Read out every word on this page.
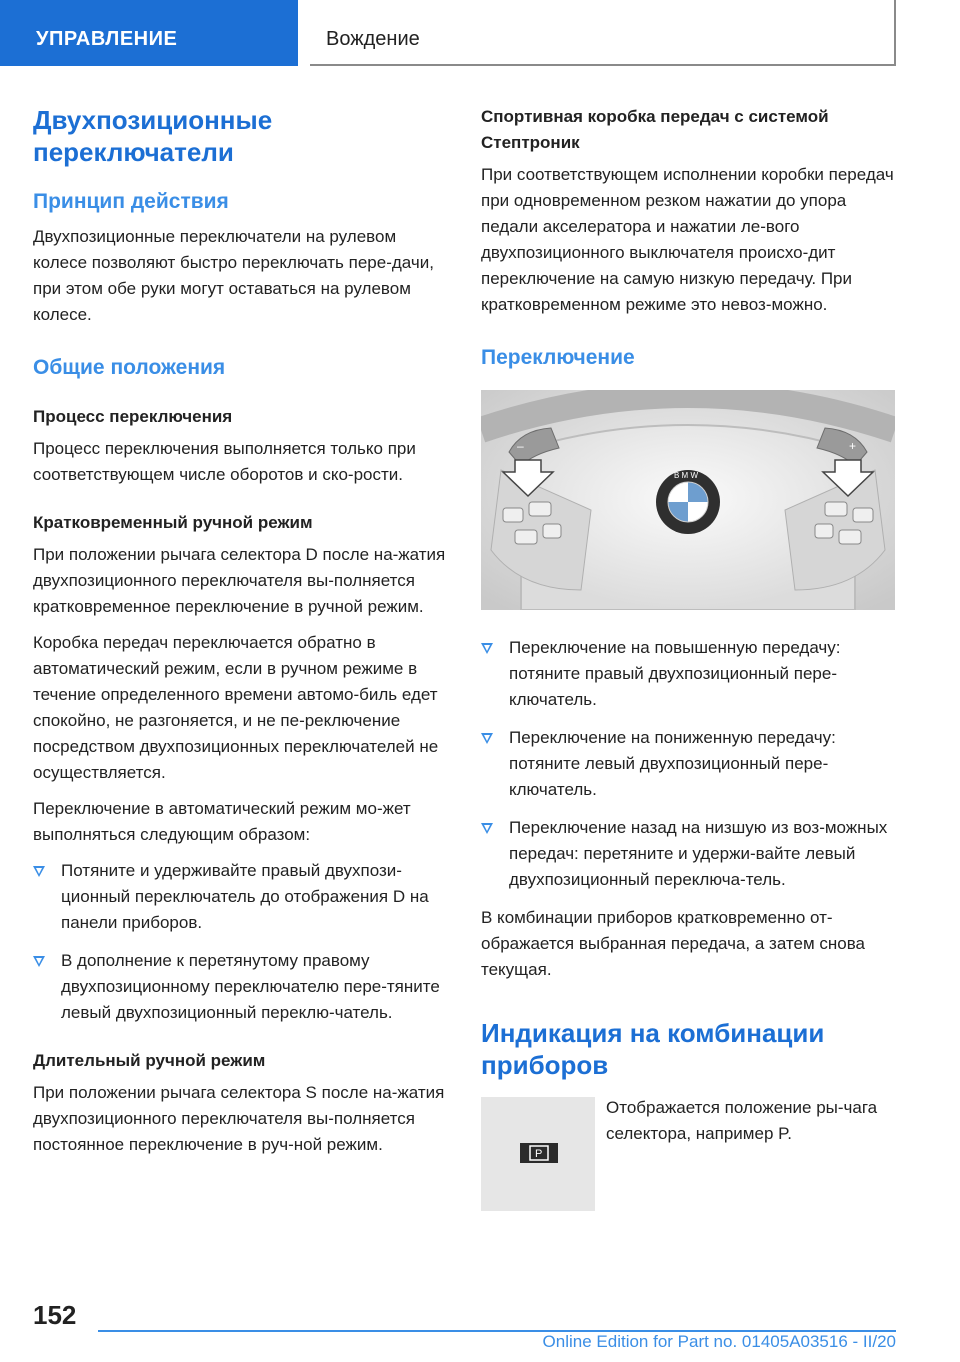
УПРАВЛЕНИЕ	Вождение
Двухпозиционные переключатели
Принцип действия
Двухпозиционные переключатели на рулевом колесе позволяют быстро переключать пере-дачи, при этом обе руки могут оставаться на рулевом колесе.
Общие положения
Процесс переключения
Процесс переключения выполняется только при соответствующем числе оборотов и ско-рости.
Кратковременный ручной режим
При положении рычага селектора D после на-жатия двухпозиционного переключателя вы-полняется кратковременное переключение в ручной режим.
Коробка передач переключается обратно в автоматический режим, если в ручном режиме в течение определенного времени автомо-биль едет спокойно, не разгоняется, и не пе-реключение посредством двухпозиционных переключателей не осуществляется.
Переключение в автоматический режим мо-жет выполняться следующим образом:
Потяните и удерживайте правый двухпози-ционный переключатель до отображения D на панели приборов.
В дополнение к перетянутому правому двухпозиционному переключателю пере-тяните левый двухпозиционный переклю-чатель.
Длительный ручной режим
При положении рычага селектора S после на-жатия двухпозиционного переключателя вы-полняется постоянное переключение в руч-ной режим.
Спортивная коробка передач с системой Стептроник
При соответствующем исполнении коробки передач при одновременном резком нажатии до упора педали акселератора и нажатии ле-вого двухпозиционного выключателя происхо-дит переключение на самую низкую передачу. При кратковременном режиме это невоз-можно.
Переключение
–	+
B M W
Переключение на повышенную передачу: потяните правый двухпозиционный пере-ключатель.
Переключение на пониженную передачу: потяните левый двухпозиционный пере-ключатель.
Переключение назад на низшую из воз-можных передач: перетяните и удержи-вайте левый двухпозиционный переключа-тель.
В комбинации приборов кратковременно от-ображается выбранная передача, а затем снова текущая.
Индикация на комбинации приборов
P
Отображается положение ры-чага селектора, например P.
152
Online Edition for Part no. 01405A03516 - II/20
